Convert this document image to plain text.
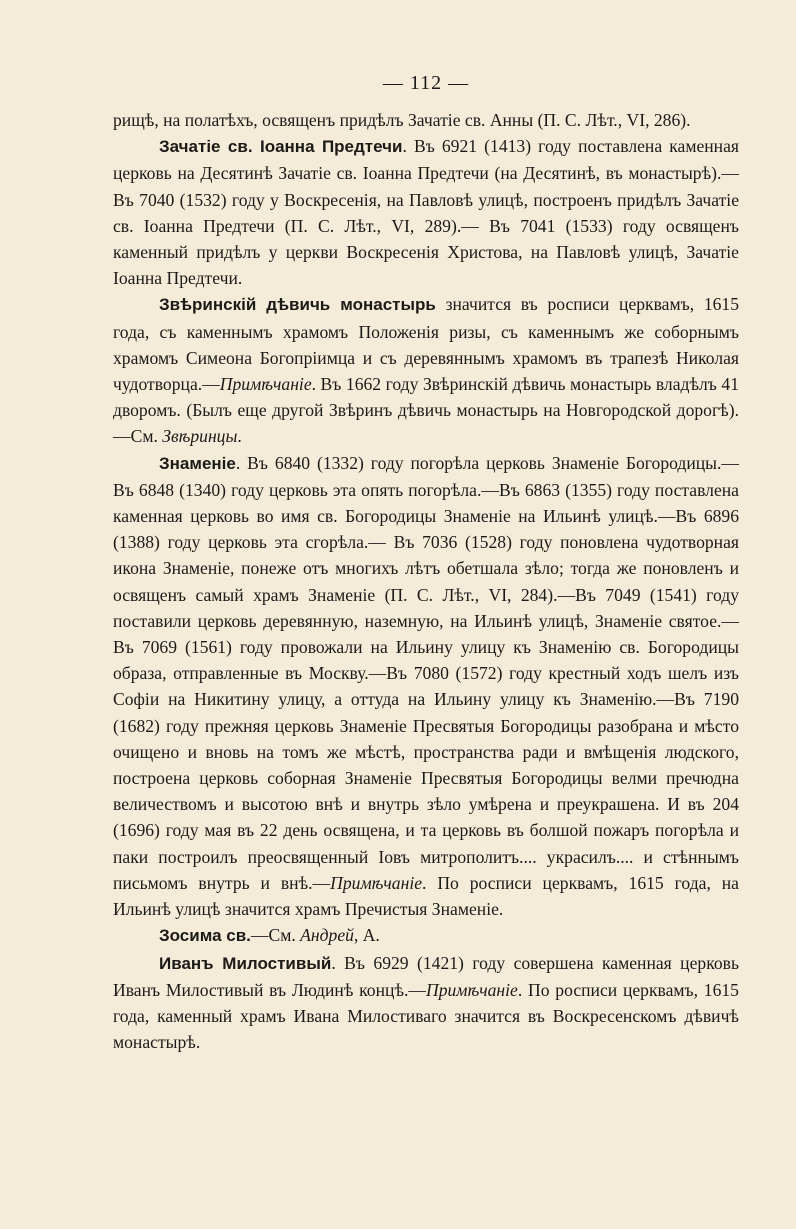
— 112 —

рищѣ, на полатѣхъ, освященъ придѣлъ Зачатіе св. Анны (П. С. Лѣт., VI, 286).

Зачатіе св. Іоанна Предтечи. Въ 6921 (1413) году поставлена каменная церковь на Десятинѣ Зачатіе св. Іоанна Предтечи (на Десятинѣ, въ монастырѣ).—Въ 7040 (1532) году у Воскресенія, на Павловѣ улицѣ, построенъ придѣлъ Зачатіе св. Іоанна Предтечи (П. С. Лѣт., VI, 289).— Въ 7041 (1533) году освященъ каменный придѣлъ у церкви Воскресенія Христова, на Павловѣ улицѣ, Зачатіе Іоанна Предтечи.

Звѣринскій дѣвичь монастырь значится въ росписи церквамъ, 1615 года, съ каменнымъ храмомъ Положенія ризы, съ каменнымъ же соборнымъ храмомъ Симеона Богопріимца и съ деревяннымъ храмомъ въ трапезѣ Николая чудотворца.—Примѣчаніе. Въ 1662 году Звѣринскій дѣвичь монастырь владѣлъ 41 дворомъ. (Былъ еще другой Звѣринъ дѣвичь монастырь на Новгородской дорогѣ).—См. Звѣринцы.

Знаменіе. Въ 6840 (1332) году погорѣла церковь Знаменіе Богородицы.—Въ 6848 (1340) году церковь эта опять погорѣла.—Въ 6863 (1355) году поставлена каменная церковь во имя св. Богородицы Знаменіе на Ильинѣ улицѣ.—Въ 6896 (1388) году церковь эта сгорѣла.— Въ 7036 (1528) году поновлена чудотворная икона Знаменіе, понеже отъ многихъ лѣтъ обетшала зѣло; тогда же поновленъ и освященъ самый храмъ Знаменіе (П. С. Лѣт., VI, 284).—Въ 7049 (1541) году поставили церковь деревянную, наземную, на Ильинѣ улицѣ, Знаменіе святое.—Въ 7069 (1561) году провожали на Ильину улицу къ Знаменію св. Богородицы образа, отправленные въ Москву.—Въ 7080 (1572) году крестный ходъ шелъ изъ Софіи на Никитину улицу, а оттуда на Ильину улицу къ Знаменію.—Въ 7190 (1682) году прежняя церковь Знаменіе Пресвятыя Богородицы разобрана и мѣсто очищено и вновь на томъ же мѣстѣ, пространства ради и вмѣщенія людского, построена церковь соборная Знаменіе Пресвятыя Богородицы велми пречюдна величествомъ и высотою внѣ и внутрь зѣло умѣрена и преукрашена. И въ 204 (1696) году мая въ 22 день освящена, и та церковь въ болшой пожаръ погорѣла и паки построилъ преосвященный Іовъ митрополитъ.... украсилъ.... и стѣннымъ письмомъ внутрь и внѣ.—Примѣчаніе. По росписи церквамъ, 1615 года, на Ильинѣ улицѣ значится храмъ Пречистыя Знаменіе.

Зосима св.—См. Андрей, А.

Иванъ Милостивый. Въ 6929 (1421) году совершена каменная церковь Иванъ Милостивый въ Людинѣ концѣ.—Примѣчаніе. По росписи церквамъ, 1615 года, каменный храмъ Ивана Милостиваго значится въ Воскресенскомъ дѣвичѣ монастырѣ.
